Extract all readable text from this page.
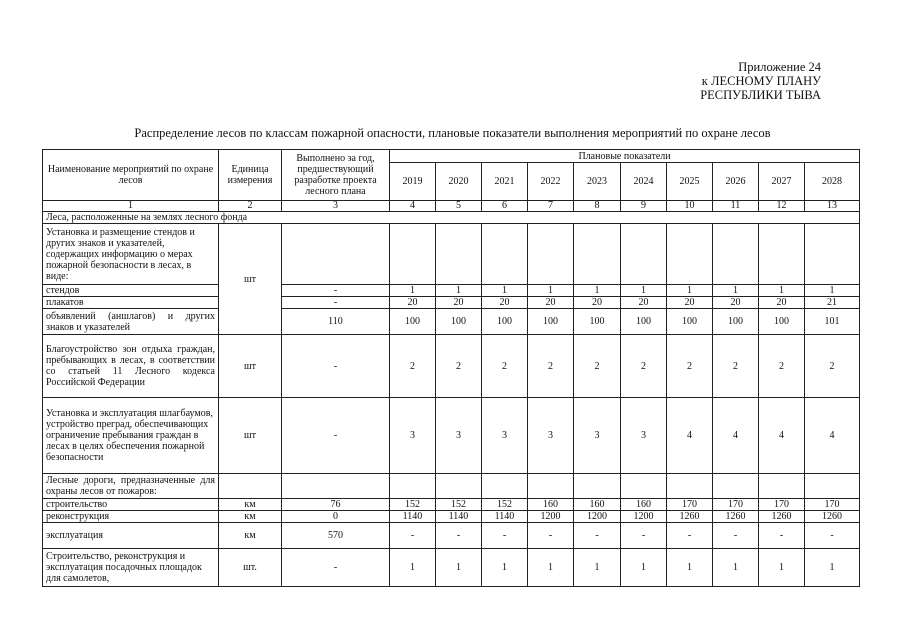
Приложение 24
к ЛЕСНОМУ ПЛАНУ
РЕСПУБЛИКИ ТЫВА
Распределение лесов по классам пожарной опасности, плановые показатели выполнения мероприятий по охране лесов
Наименование мероприятий по охране лесов	Единица измерения	Выполнено за год, предшествующий разработке проекта лесного плана	Плановые показатели									
			2019	2020	2021	2022	2023	2024	2025	2026	2027	2028
1	2	3	4	5	6	7	8	9	10	11	12	13
Леса, расположенные на землях лесного фонда												
Установка и размещение стендов и других знаков и указателей, содержащих информацию о мерах пожарной безопасности в лесах, в виде:	шт											
стендов		-	1	1	1	1	1	1	1	1	1	1
плакатов		-	20	20	20	20	20	20	20	20	20	21
объявлений (аншлагов) и других знаков и указателей		110	100	100	100	100	100	100	100	100	100	101
Благоустройство зон отдыха граждан, пребывающих в лесах, в соответствии со статьей 11 Лесного кодекса Российской Федерации	шт	-	2	2	2	2	2	2	2	2	2	2
Установка и эксплуатация шлагбаумов, устройство преград, обеспечивающих ограничение пребывания граждан в лесах в целях обеспечения пожарной безопасности	шт	-	3	3	3	3	3	3	4	4	4	4
Лесные дороги, предназначенные для охраны лесов от пожаров:												
строительство	км	76	152	152	152	160	160	160	170	170	170	170
реконструкция	км	0	1140	1140	1140	1200	1200	1200	1260	1260	1260	1260
эксплуатация	км	570	-	-	-	-	-	-	-	-	-	-
Строительство, реконструкция и эксплуатация посадочных площадок для самолетов,	шт.	-	1	1	1	1	1	1	1	1	1	1
